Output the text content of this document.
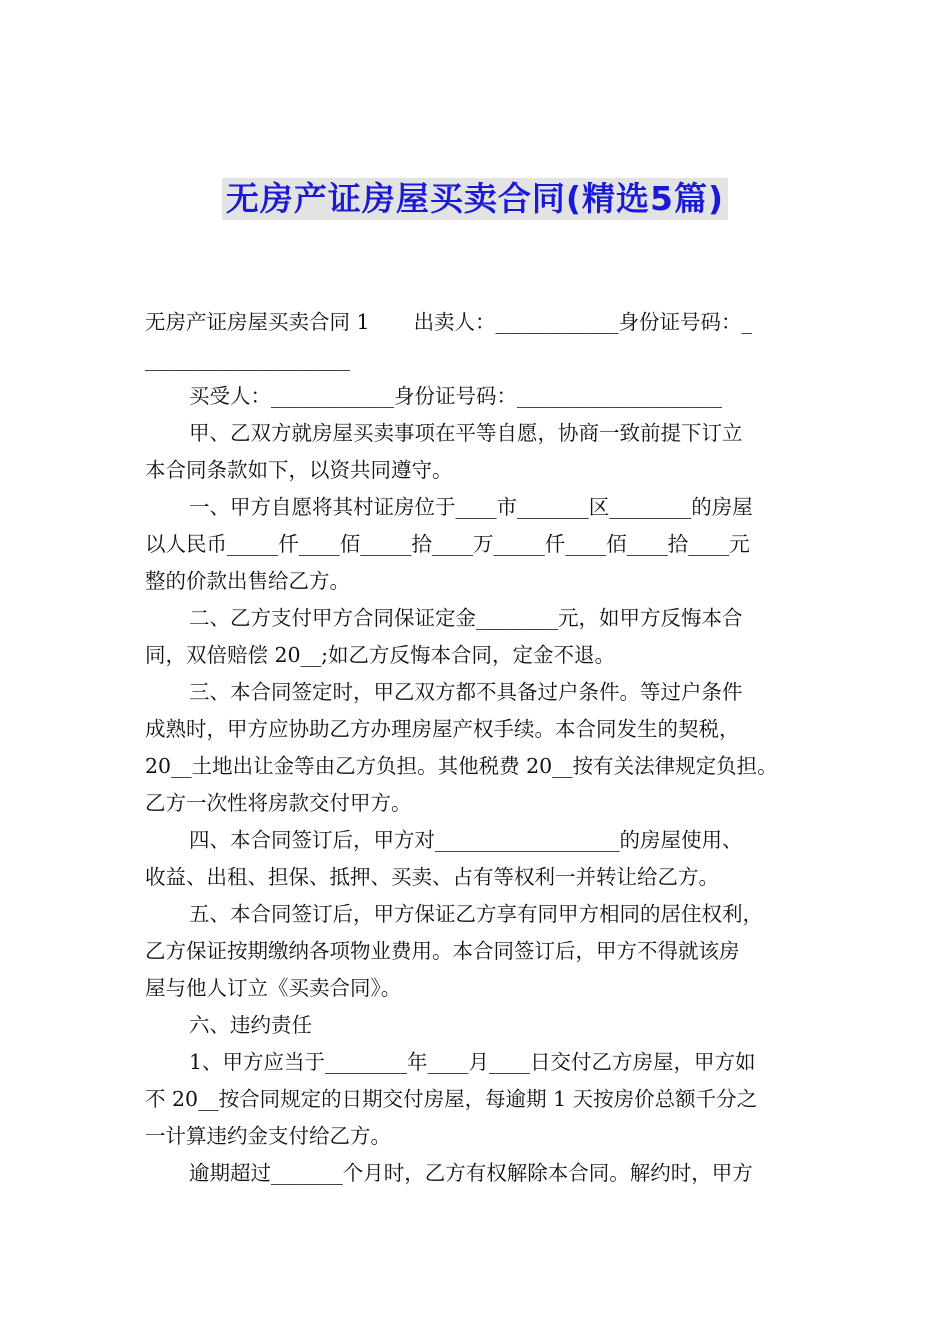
无房产证房屋买卖合同(精选5篇)
无房产证房屋买卖合同 1 出卖人：____________身份证号码：_
____________________
买受人：____________身份证号码：____________________
甲、乙双方就房屋买卖事项在平等自愿，协商一致前提下订立
本合同条款如下，以资共同遵守。
一、甲方自愿将其村证房位于____市_______区________的房屋
以人民币_____仟____佰_____拾____万_____仟____佰____拾____元
整的价款出售给乙方。
二、乙方支付甲方合同保证定金________元，如甲方反悔本合
同，双倍赔偿 20__;如乙方反悔本合同，定金不退。
三、本合同签定时，甲乙双方都不具备过户条件。等过户条件
成熟时，甲方应协助乙方办理房屋产权手续。本合同发生的契税，
20__土地出让金等由乙方负担。其他税费 20__按有关法律规定负担。
乙方一次性将房款交付甲方。
四、本合同签订后，甲方对__________________的房屋使用、
收益、出租、担保、抵押、买卖、占有等权利一并转让给乙方。
五、本合同签订后，甲方保证乙方享有同甲方相同的居住权利，
乙方保证按期缴纳各项物业费用。本合同签订后，甲方不得就该房
屋与他人订立《买卖合同》。
六、违约责任
1、甲方应当于________年____月____日交付乙方房屋，甲方如
不 20__按合同规定的日期交付房屋，每逾期 1 天按房价总额千分之
一计算违约金支付给乙方。
逾期超过_______个月时，乙方有权解除本合同。解约时，甲方
